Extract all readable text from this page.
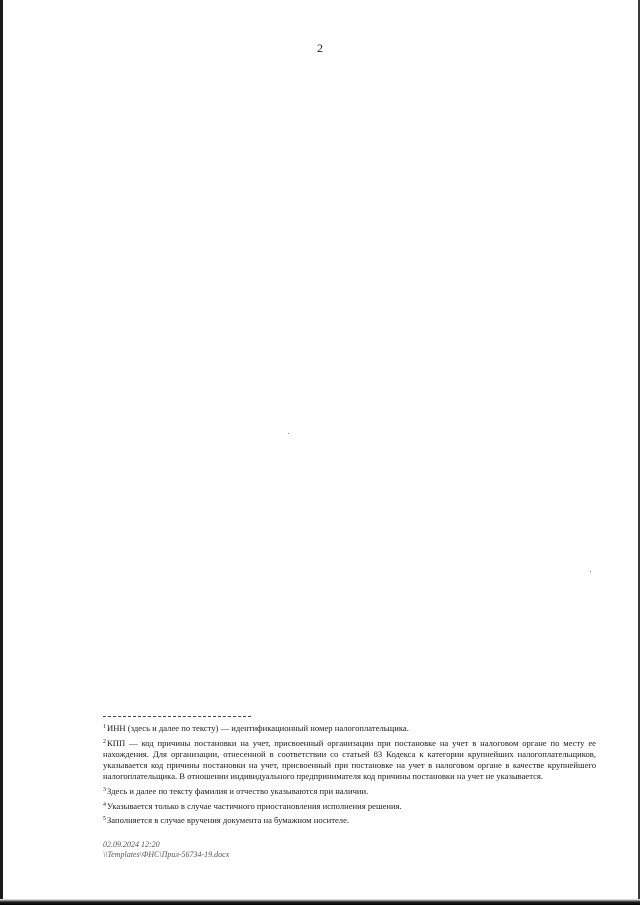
2

$^1$ИНН (здесь и далее по тексту) — идентификационный номер налогоплательщика.

$^2$КПП — код причины постановки на учет, присвоенный организации при постановке на учет в налоговом органе по месту ее нахождения. Для организации, отнесенной в соответствии со статьей 83 Кодекса к категории крупнейших налогоплательщиков, указывается код причины постановки на учет, присвоенный при постановке на учет в налоговом органе в качестве крупнейшего налогоплательщика. В отношении индивидуального предпринимателя код причины постановки на учет не указывается.

$^3$Здесь и далее по тексту фамилия и отчество указываются при наличии.

$^4$Указывается только в случае частичного приостановления исполнения решения.

$^5$Заполняется в случае вручения документа на бумажном носителе.

02.09.2024 12:20
\\Templates\ФНС\Прил-56734-19.docx
